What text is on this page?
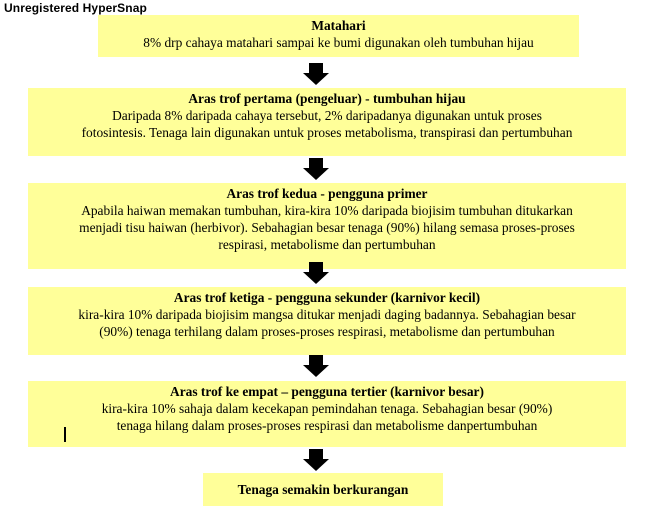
Unregistered HyperSnap
Matahari
8% drp cahaya matahari sampai ke bumi digunakan oleh tumbuhan hijau
Aras trof pertama (pengeluar) - tumbuhan hijau
Daripada 8% daripada cahaya tersebut, 2% daripadanya digunakan untuk proses
fotosintesis. Tenaga lain digunakan untuk proses metabolisma, transpirasi dan pertumbuhan
Aras trof kedua - pengguna primer
Apabila haiwan memakan tumbuhan, kira-kira 10% daripada biojisim tumbuhan ditukarkan
menjadi tisu haiwan (herbivor). Sebahagian besar tenaga (90%) hilang semasa proses-proses
respirasi, metabolisme dan pertumbuhan
Aras trof ketiga - pengguna sekunder (karnivor kecil)
kira-kira 10% daripada biojisim mangsa ditukar menjadi daging badannya. Sebahagian besar
(90%) tenaga terhilang dalam proses-proses respirasi, metabolisme dan pertumbuhan
Aras trof ke empat – pengguna tertier (karnivor besar)
kira-kira 10% sahaja dalam kecekapan pemindahan tenaga. Sebahagian besar (90%)
tenaga hilang dalam proses-proses respirasi dan metabolisme danpertumbuhan
Tenaga semakin berkurangan
